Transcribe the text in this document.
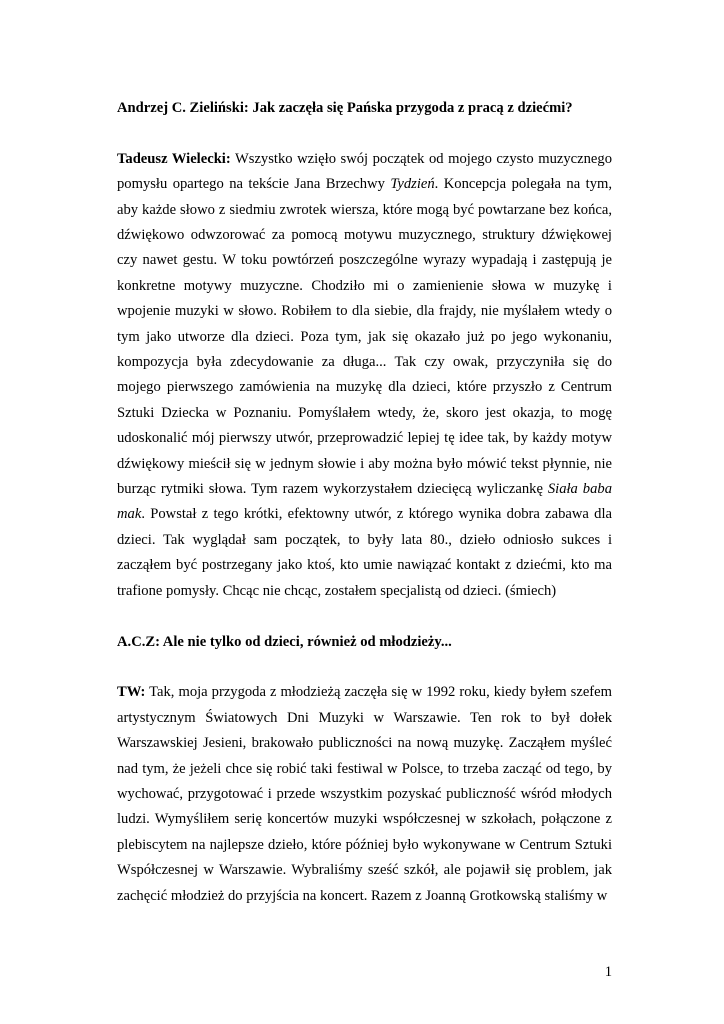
Andrzej C. Zieliński: Jak zaczęła się Pańska przygoda z pracą z dziećmi?

Tadeusz Wielecki: Wszystko wzięło swój początek od mojego czysto muzycznego pomysłu opartego na tekście Jana Brzechwy Tydzień. Koncepcja polegała na tym, aby każde słowo z siedmiu zwrotek wiersza, które mogą być powtarzane bez końca, dźwiękowo odwzorować za pomocą motywu muzycznego, struktury dźwiękowej czy nawet gestu. W toku powtórzeń poszczególne wyrazy wypadają i zastępują je konkretne motywy muzyczne. Chodziło mi o zamienienie słowa w muzykę i wpojenie muzyki w słowo. Robiłem to dla siebie, dla frajdy, nie myślałem wtedy o tym jako utworze dla dzieci. Poza tym, jak się okazało już po jego wykonaniu, kompozycja była zdecydowanie za długa... Tak czy owak, przyczyniła się do mojego pierwszego zamówienia na muzykę dla dzieci, które przyszło z Centrum Sztuki Dziecka w Poznaniu. Pomyślałem wtedy, że, skoro jest okazja, to mogę udoskonalić mój pierwszy utwór, przeprowadzić lepiej tę idee tak, by każdy motyw dźwiękowy mieścił się w jednym słowie i aby można było mówić tekst płynnie, nie burząc rytmiki słowa. Tym razem wykorzystałem dziecięcą wyliczankę Siała baba mak. Powstał z tego krótki, efektowny utwór, z którego wynika dobra zabawa dla dzieci. Tak wyglądał sam początek, to były lata 80., dzieło odniosło sukces i zacząłem być postrzegany jako ktoś, kto umie nawiązać kontakt z dziećmi, kto ma trafione pomysły. Chcąc nie chcąc, zostałem specjalistą od dzieci. (śmiech)

A.C.Z: Ale nie tylko od dzieci, również od młodzieży...

TW: Tak, moja przygoda z młodzieżą zaczęła się w 1992 roku, kiedy byłem szefem artystycznym Światowych Dni Muzyki w Warszawie. Ten rok to był dołek Warszawskiej Jesieni, brakowało publiczności na nową muzykę. Zacząłem myśleć nad tym, że jeżeli chce się robić taki festiwal w Polsce, to trzeba zacząć od tego, by wychować, przygotować i przede wszystkim pozyskać publiczność wśród młodych ludzi. Wymyśliłem serię koncertów muzyki współczesnej w szkołach, połączone z plebiscytem na najlepsze dzieło, które później było wykonywane w Centrum Sztuki Współczesnej w Warszawie. Wybraliśmy sześć szkół, ale pojawił się problem, jak zachęcić młodzież do przyjścia na koncert. Razem z Joanną Grotkowską staliśmy w

1
